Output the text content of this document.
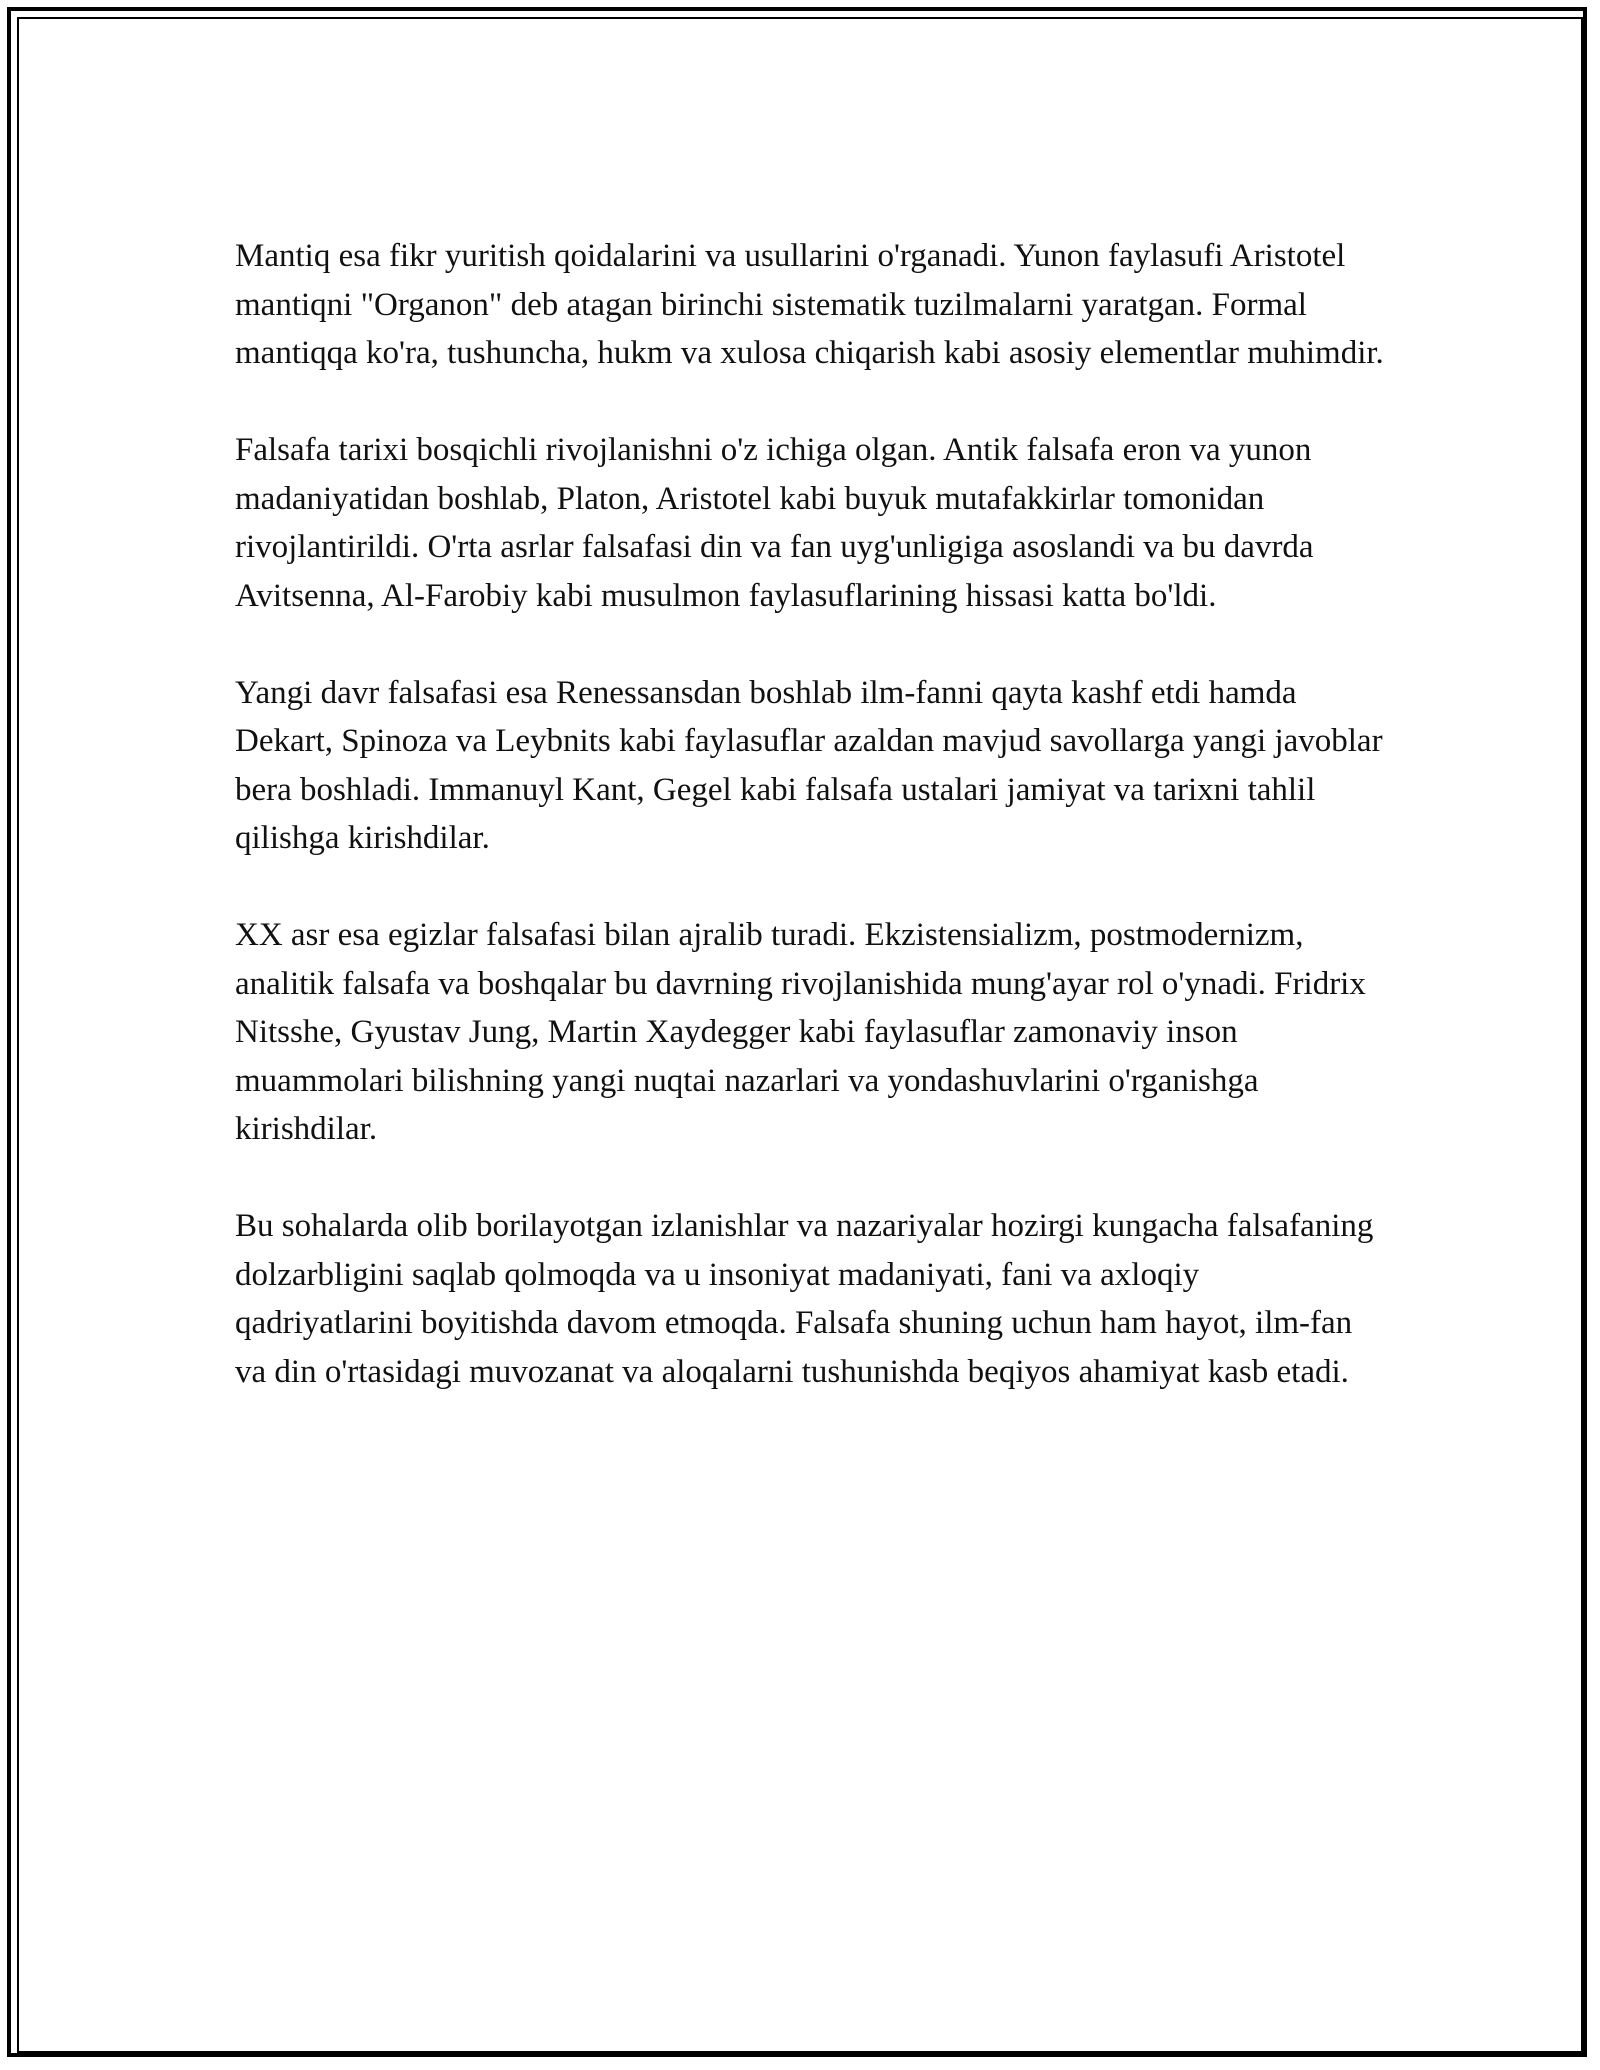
Mantiq esa fikr yuritish qoidalarini va usullarini o'rganadi. Yunon faylasufi Aristotel mantiqni "Organon" deb atagan birinchi sistematik tuzilmalarni yaratgan. Formal mantiqqa ko'ra, tushuncha, hukm va xulosa chiqarish kabi asosiy elementlar muhimdir.

Falsafa tarixi bosqichli rivojlanishni o'z ichiga olgan. Antik falsafa eron va yunon madaniyatidan boshlab, Platon, Aristotel kabi buyuk mutafakkirlar tomonidan rivojlantirildi. O'rta asrlar falsafasi din va fan uyg'unligiga asoslandi va bu davrda Avitsenna, Al-Farobiy kabi musulmon faylasuflarining hissasi katta bo'ldi.

Yangi davr falsafasi esa Renessansdan boshlab ilm-fanni qayta kashf etdi hamda Dekart, Spinoza va Leybnits kabi faylasuflar azaldan mavjud savollarga yangi javoblar bera boshladi. Immanuyl Kant, Gegel kabi falsafa ustalari jamiyat va tarixni tahlil qilishga kirishdilar.

XX asr esa egizlar falsafasi bilan ajralib turadi. Ekzistensializm, postmodernizm, analitik falsafa va boshqalar bu davrning rivojlanishida mung'ayar rol o'ynadi. Fridrix Nitsshe, Gyustav Jung, Martin Xaydegger kabi faylasuflar zamonaviy inson muammolari bilishning yangi nuqtai nazarlari va yondashuvlarini o'rganishga kirishdilar.

Bu sohalarda olib borilayotgan izlanishlar va nazariyalar hozirgi kungacha falsafaning dolzarbligini saqlab qolmoqda va u insoniyat madaniyati, fani va axloqiy qadriyatlarini boyitishda davom etmoqda. Falsafa shuning uchun ham hayot, ilm-fan va din o'rtasidagi muvozanat va aloqalarni tushunishda beqiyos ahamiyat kasb etadi.
